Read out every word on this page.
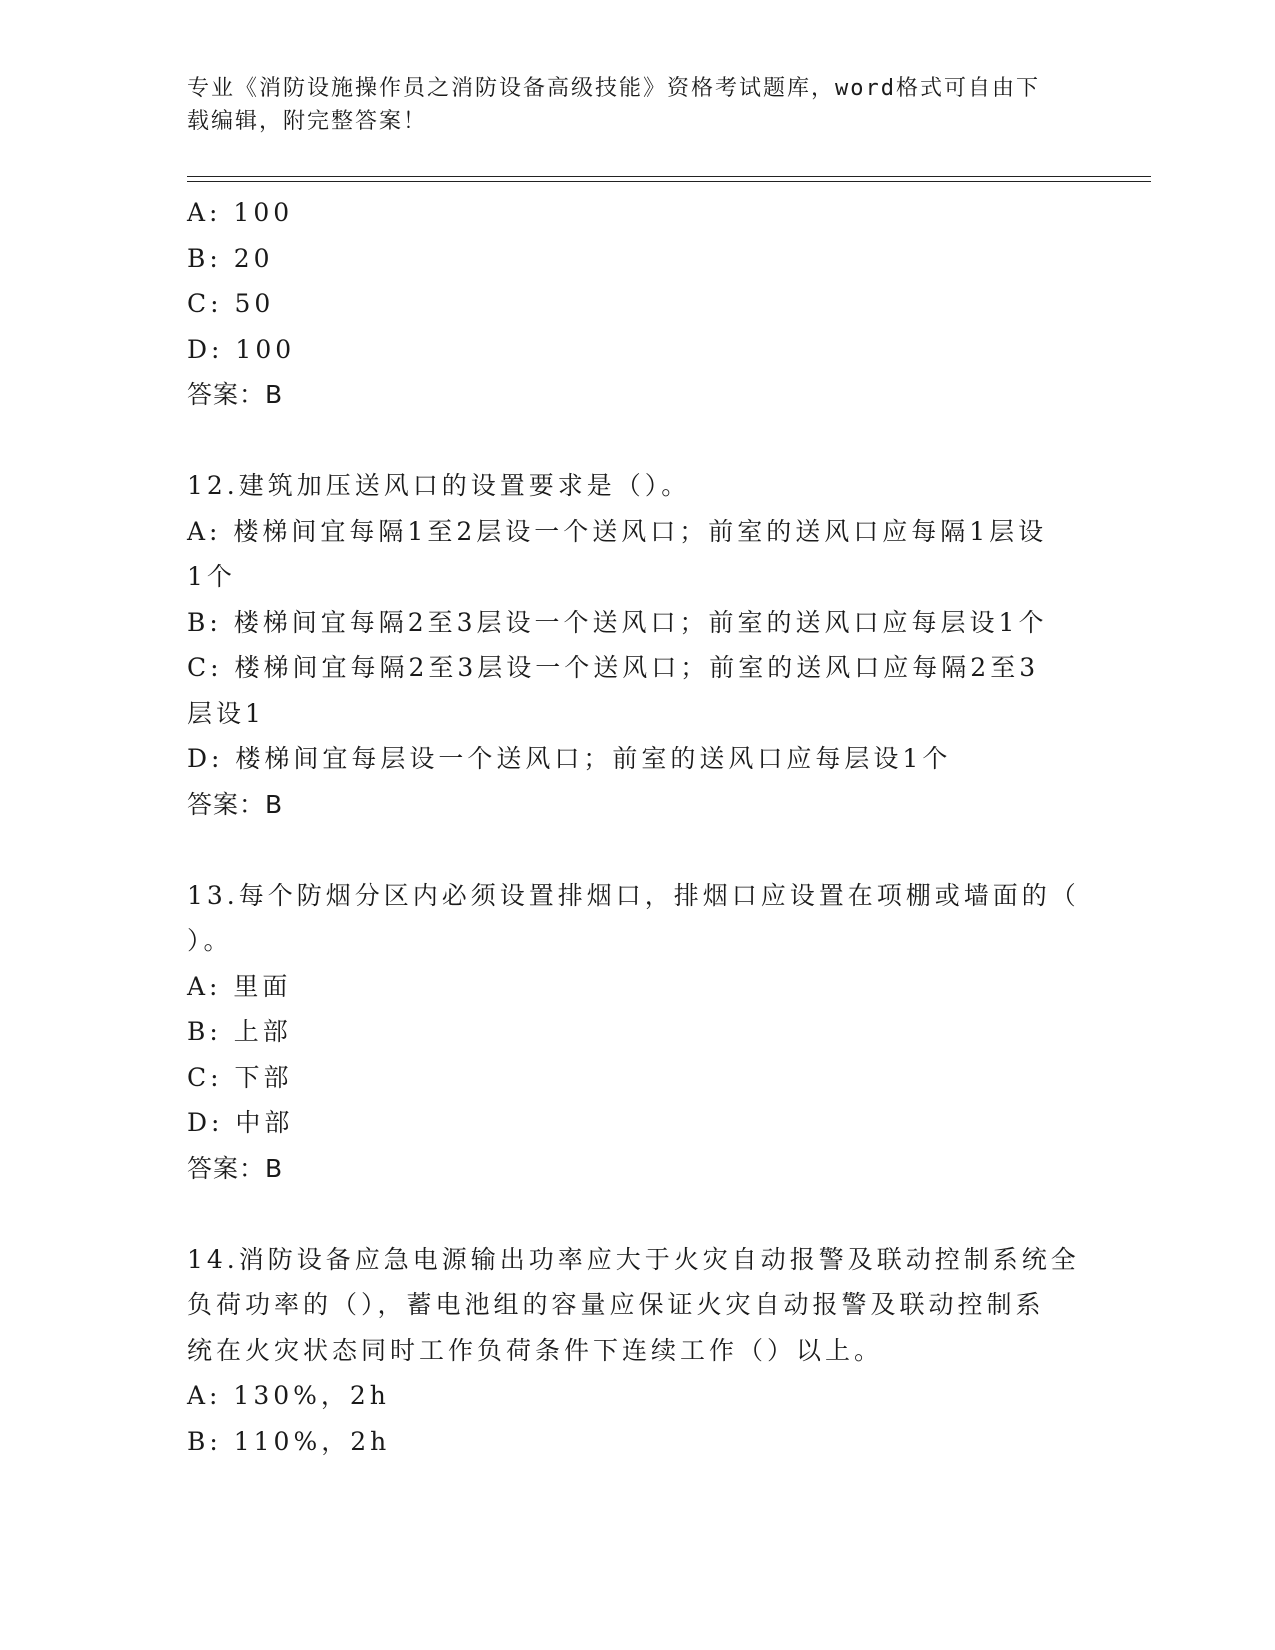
专业《消防设施操作员之消防设备高级技能》资格考试题库，word格式可自由下
载编辑，附完整答案！
A: 100
B: 20
C: 50
D: 100
答案：B
12.建筑加压送风口的设置要求是（）。
A: 楼梯间宜每隔1至2层设一个送风口；前室的送风口应每隔1层设
1个
B: 楼梯间宜每隔2至3层设一个送风口；前室的送风口应每层设1个
C: 楼梯间宜每隔2至3层设一个送风口；前室的送风口应每隔2至3
层设1
D: 楼梯间宜每层设一个送风口；前室的送风口应每层设1个
答案：B
13.每个防烟分区内必须设置排烟口，排烟口应设置在项棚或墙面的（
）。
A: 里面
B: 上部
C: 下部
D: 中部
答案：B
14.消防设备应急电源输出功率应大于火灾自动报警及联动控制系统全
负荷功率的（），蓄电池组的容量应保证火灾自动报警及联动控制系
统在火灾状态同时工作负荷条件下连续工作（）以上。
A: 130%，2h
B: 110%，2h
